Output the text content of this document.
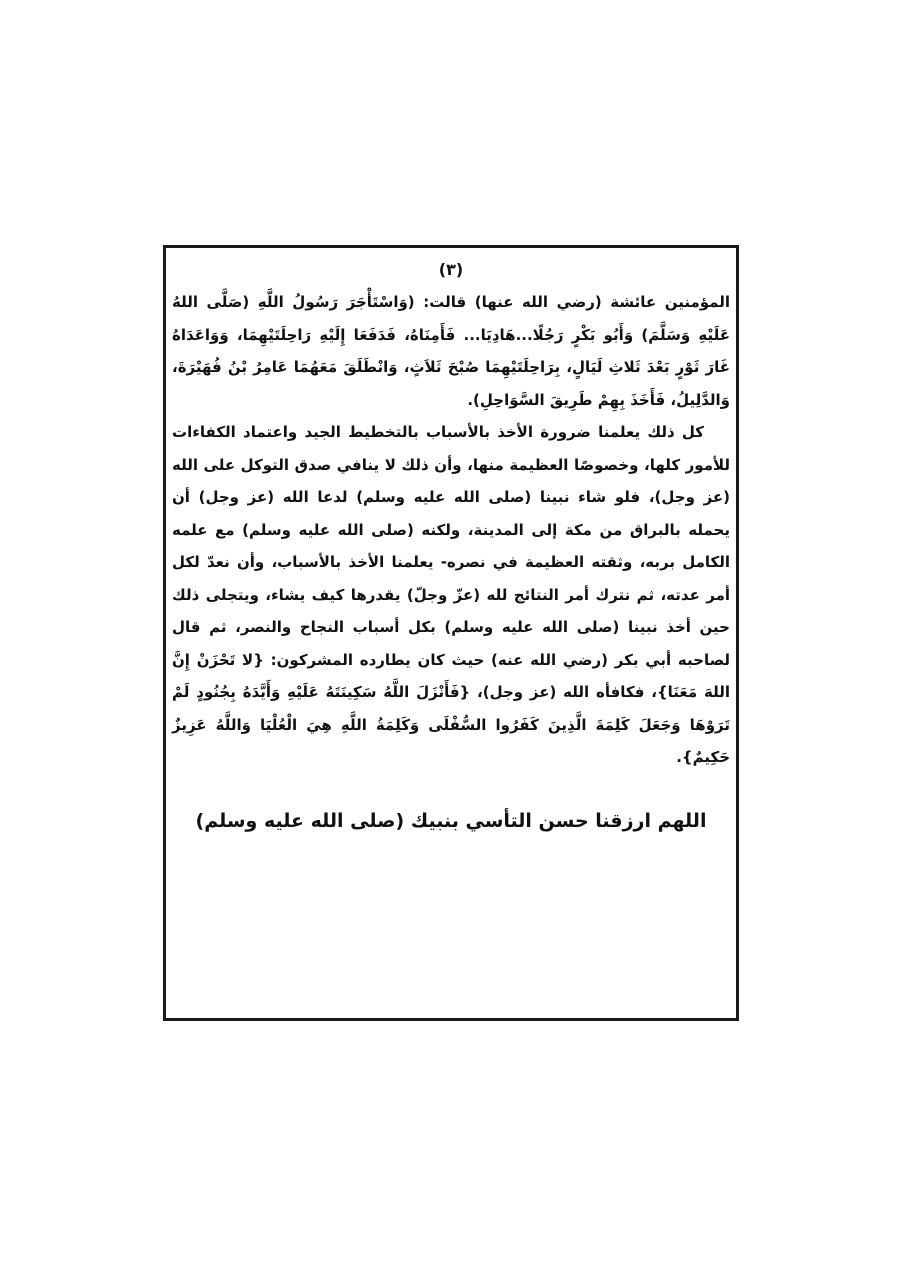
(٣)

المؤمنين عائشة (رضي الله عنها) قالت: (وَاسْتَأْجَرَ رَسُولُ اللَّهِ (صَلَّى اللهُ عَلَيْهِ وَسَلَّمَ) وَأَبُو بَكْرٍ رَجُلًا...هَادِيَا... فَأَمِنَاهُ، فَدَفَعَا إِلَيْهِ رَاحِلَتَيْهِمَا، وَوَاعَدَاهُ غَارَ ثَوْرٍ بَعْدَ ثَلاثِ لَيَالٍ، بِرَاحِلَتَيْهِمَا صُبْحَ ثَلاَثٍ، وَانْطَلَقَ مَعَهُمَا عَامِرُ بْنُ فُهَيْرَةَ، وَالدَّلِيلُ، فَأَخَذَ بِهِمْ طَرِيقَ السَّوَاحِلِ).

كل ذلك يعلمنا ضرورة الأخذ بالأسباب بالتخطيط الجيد واعتماد الكفاءات للأمور كلها، وخصوصًا العظيمة منها، وأن ذلك لا ينافي صدق التوكل على الله (عز وجل)، فلو شاء نبينا (صلى الله عليه وسلم) لدعا الله (عز وجل) أن يحمله بالبراق من مكة إلى المدينة، ولكنه (صلى الله عليه وسلم) مع علمه الكامل بربه، وثقته العظيمة في نصره- يعلمنا الأخذ بالأسباب، وأن نعدّ لكل أمر عدته، ثم نترك أمر النتائج لله (عزّ وجلّ) يقدرها كيف يشاء، ويتجلى ذلك حين أخذ نبينا (صلى الله عليه وسلم) بكل أسباب النجاح والنصر، ثم قال لصاحبه أبي بكر (رضي الله عنه) حيث كان يطارده المشركون: {لا تَحْزَنْ إِنَّ اللهَ مَعَنَا}، فكافأه الله (عز وجل)، {فَأَنْزَلَ اللَّهُ سَكِينَتَهُ عَلَيْهِ وَأَيَّدَهُ بِجُنُودٍ لَمْ تَرَوْهَا وَجَعَلَ كَلِمَةَ الَّذِينَ كَفَرُوا السُّفْلَى وَكَلِمَةُ اللَّهِ هِيَ الْعُلْيَا وَاللَّهُ عَزِيزٌ حَكِيمٌ}.

اللهم ارزقنا حسن التأسي بنبيك (صلى الله عليه وسلم)
